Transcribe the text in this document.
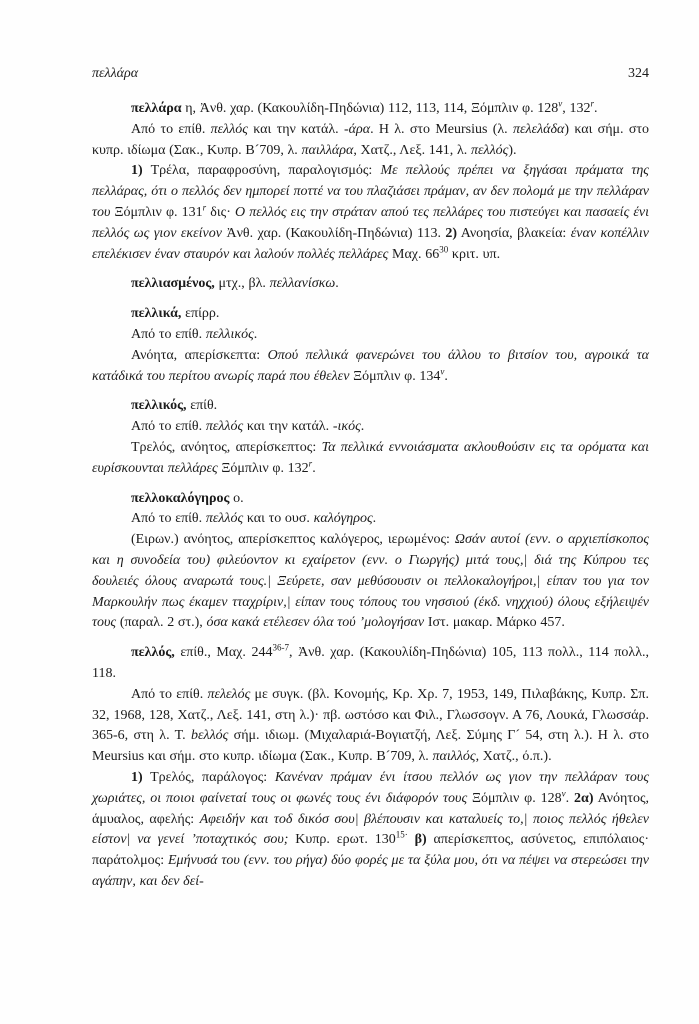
πελλάρα	324

πελλάρα η, Ἀνθ. χαρ. (Κακουλίδη-Πηδώνια) 112, 113, 114, Ξόμπλιν φ. 128$^v$, 132$^r$.

Από το επίθ. πελλός και την κατάλ. -άρα. Η λ. στο Meursius (λ. πελελάδα) και σήμ. στο κυπρ. ιδίωμα (Σακ., Κυπρ. Β´709, λ. παιλλάρα, Χατζ., Λεξ. 141, λ. πελλός).

1) Τρέλα, παραφροσύνη, παραλογισμός: Με πελλούς πρέπει να ξηγάσαι πράματα της πελλάρας, ότι ο πελλός δεν ημπορεί ποττέ να του πλαζιάσει πράμαν, αν δεν πολομά με την πελλάραν του Ξόμπλιν φ. 131$^r$ δις· Ο πελλός εις την στράταν απού τες πελλάρες του πιστεύγει και πασαείς ένι πελλός ως γιον εκείνον Ἀνθ. χαρ. (Κακουλίδη-Πηδώνια) 113. 2) Ανοησία, βλακεία: έναν κοπέλλιν επελέκισεν έναν σταυρόν και λαλούν πολλές πελλάρες Μαχ. $66^{30}$ κριτ. υπ.

πελλιασμένος, μτχ., βλ. πελλανίσκω.

πελλικά, επίρρ.

Από το επίθ. πελλικός.

Ανόητα, απερίσκεπτα: Οπού πελλικά φανερώνει του άλλου το βιτσίον του, αγροικά τα κατάδικά του περίτου ανωρίς παρά που έθελεν Ξόμπλιν φ. 134$^v$.

πελλικός, επίθ.

Από το επίθ. πελλός και την κατάλ. -ικός.

Τρελός, ανόητος, απερίσκεπτος: Τα πελλικά εννοιάσματα ακλουθούσιν εις τα ορόματα και ευρίσκουνται πελλάρες Ξόμπλιν φ. 132$^r$.

πελλοκαλόγηρος ο.

Από το επίθ. πελλός και το ουσ. καλόγηρος.

(Ειρων.) ανόητος, απερίσκεπτος καλόγερος, ιερωμένος: Ωσάν αυτοί (ενν. ο αρχιεπίσκοπος και η συνοδεία του) φιλεύοντον κι εχαίρετον (ενν. ο Γιωργής) μιτά τους,| διά της Κύπρου τες δουλειές όλους αναρωτά τους.| Ξεύρετε, σαν μεθύσουσιν οι πελλοκαλογήροι,| είπαν του για τον Μαρκουλήν πως έκαμεν τταχρίριν,| είπαν τους τόπους του νησσιού (έκδ. νηχχιού) όλους εξήλειψέν τους (παραλ. 2 στ.), όσα κακά ετέλεσεν όλα τού ’μολογήσαν Ιστ. μακαρ. Μάρκο 457.

πελλός, επίθ., Μαχ. 244$^{36-7}$, Ἀνθ. χαρ. (Κακουλίδη-Πηδώνια) 105, 113 πολλ., 114 πολλ., 118.

Από το επίθ. πελελός με συγκ. (βλ. Κονομής, Κρ. Χρ. 7, 1953, 149, Πιλαβάκης, Κυπρ. Σπ. 32, 1968, 128, Χατζ., Λεξ. 141, στη λ.)· πβ. ωστόσο και Φιλ., Γλωσσογν. Α 76, Λουκά, Γλωσσάρ. 365-6, στη λ. Τ. bελλός σήμ. ιδιωμ. (Μιχαλαριά-Βογιατζή, Λεξ. Σύμης Γ´ 54, στη λ.). Η λ. στο Meursius και σήμ. στο κυπρ. ιδίωμα (Σακ., Κυπρ. Β´709, λ. παιλλός, Χατζ., ό.π.).

1) Τρελός, παράλογος: Κανέναν πράμαν ένι ίτσου πελλόν ως γιον την πελλάραν τους χωριάτες, οι ποιοι φαίνεταί τους οι φωνές τους ένι διάφορόν τους Ξόμπλιν φ. 128$^v$. 2α) Ανόητος, άμυαλος, αφελής: Αφειδήν και τοδ δικόσ σου| βλέπουσιν και καταλυείς το,| ποιος πελλός ήθελεν είστον| να γενεί ’ποταχτικός σου; Κυπρ. ερωτ. $130^{15\cdot}$ β) απερίσκεπτος, ασύνετος, επιπόλαιος· παράτολμος: Εμήνυσά του (ενν. του ρήγα) δύο φορές με τα ξύλα μου, ότι να πέψει να στερεώσει την αγάπην, και δεν δεί-
